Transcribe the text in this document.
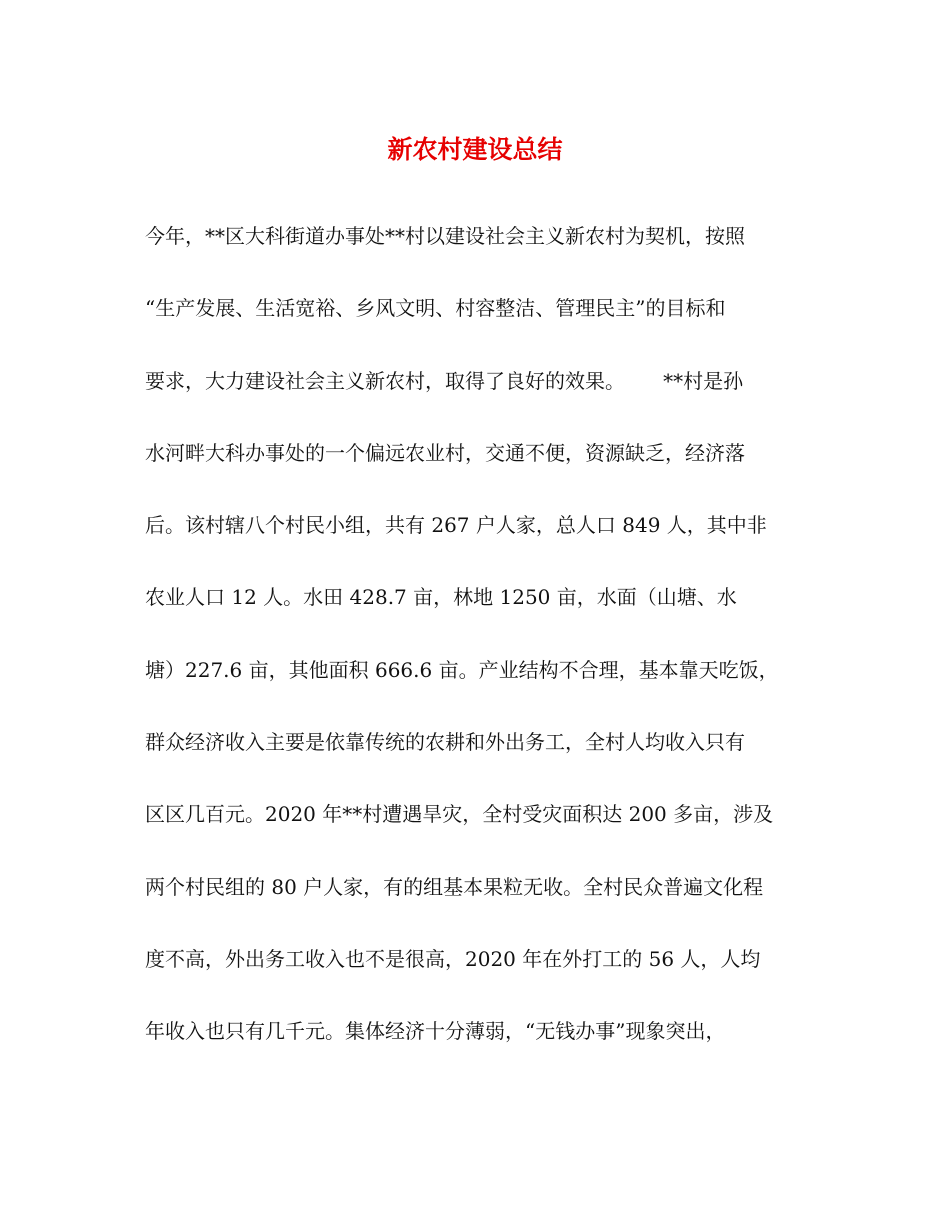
新农村建设总结
今年，**区大科街道办事处**村以建设社会主义新农村为契机，按照
“生产发展、生活宽裕、乡风文明、村容整洁、管理民主”的目标和
要求，大力建设社会主义新农村，取得了良好的效果。      **村是孙
水河畔大科办事处的一个偏远农业村，交通不便，资源缺乏，经济落
后。该村辖八个村民小组，共有 267 户人家，总人口 849 人，其中非
农业人口 12 人。水田 428.7 亩，林地 1250 亩，水面（山塘、水
塘）227.6 亩，其他面积 666.6 亩。产业结构不合理，基本靠天吃饭，
群众经济收入主要是依靠传统的农耕和外出务工，全村人均收入只有
区区几百元。2020 年**村遭遇旱灾，全村受灾面积达 200 多亩，涉及
两个村民组的 80 户人家，有的组基本果粒无收。全村民众普遍文化程
度不高，外出务工收入也不是很高，2020 年在外打工的 56 人，人均
年收入也只有几千元。集体经济十分薄弱，“无钱办事”现象突出，
